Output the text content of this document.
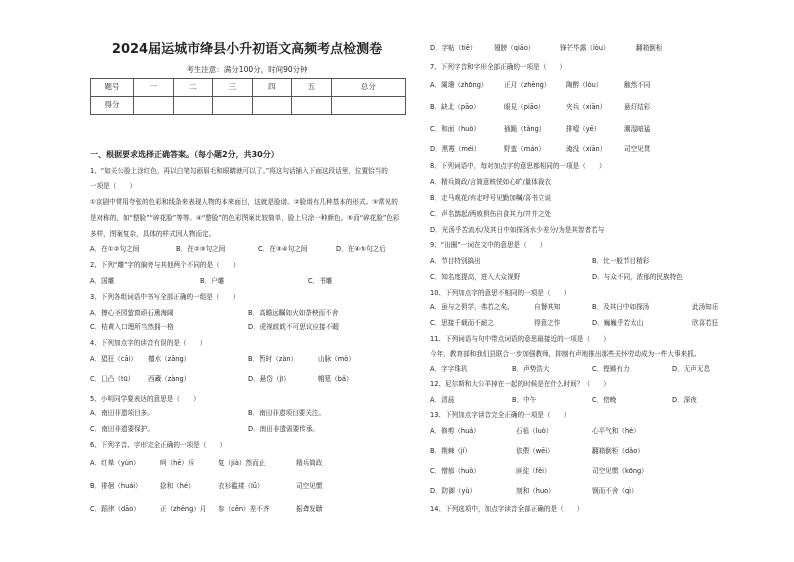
2024届运城市绛县小升初语文高频考点检测卷
考生注意：满分100分，时间90分钟
题号	一	二	三	四	五	总分
得分						
一、根据要求选择正确答案。（每小题2分，共30分）
1、“如关公脸上涂红色，再以白笔勾画眉毛和眼睛就可以了。”将这句话插入下面这段话里，位置恰当的
一项是（　　）
①京剧中常用夸张的色彩和线条来表现人物的本来面目，这就是脸谱。②脸谱有几种基本的形式。③常见的是对称的，如“整脸”“碎花脸”等等。④“整脸”的色彩图案比较简单，脸上只涂一种颜色。⑤而“碎花脸”色彩多样，图案复杂，具体的样式因人物而定。
A．在①②句之间	B．在②③句之间	C．在③④句之间	D．在④⑤句之后
2、下列“雕”字的偏旁与其他两个不同的是（　　）
A．国雕	B．户雕	C．书雕
3、下列各组词语中书写全部正确的一组是（　　）
A．擦心圣园萤窗顽石熏海阔	B．高瞻远瞩如火如荼秧而不舍
C．枯黄入口理所当然拥一格	D．虎视眈眈不可思议应接不暇
4、下列加点字的读音有误的是（　　）
A．猖狂（cāi） 擅水（zāng）	B．暂时（zàn）	山脉（mò）
C．囗凸（tū） 西藏（zàng）	D．悬岱（jī）	帽筵（bǎ）
5、小明同学要表达的意思是（　　）
A．南田非遗项目多。	B．南田非遗项目要关注。
C．南田非遗要保护。	D．南田非遗需要传承。
6、下列字音、字形完全正确的一项是（　　）
A．红晕（yùn）	呵（hē）斥	复（jià）然而止	精兵简政
B．徘徊（huái）	捻和（hé）	衣衫褴褛（lǚ）	司空见惯
C．蹈律（dāo）	正（zhēng）月 参（cēn）差不齐	振聋发聩
D．字帖（tiē）	翅膀（qiāo）	锋芒毕露（lòu）	翻箱倒柜
7、下列字音和字形全部正确的一项是（　　）
A．阑珊（zhōng） 正月（zhēng） 陶醉（lòu）	触然不同
B．缺北（pāo）	眼見（piāo）	夹兵（xiān）	悬灯结彩
C．和面（huò）	插跪（tǎng）	排噎（yē）	潮湿暗猛
D．黑霉（méi）	野蛮（mán）	淹没（xiān）	司空见贯
8、下列词语中，每对加点字的意思都相同的一项是（　　）
A．精兵简政/言简意赅恍如心旷/量体裁衣
B．走马观花/弃走呼号见勤加嘱/喜书立说
C．声名鹊起/两败俱伤自食其力/井井之处
D．光汤乎苦流水/及其日中如探汤水少差分/为是其智者若与
9、“出圈”一词在文中的意思是（　　）
A．节目特别搞出	B．比一般节目精彩
C．知名度提高，进入大众视野	D．与众不同，浓郁的民族特色
10、下列加点字的意思不相同的一项是（　　）
A．虽与之俱学，弗若之矣。	自餐其知	B．及其日中如探汤	此汤知乐
C．思接千载而不耐之	得意之作	D．巍巍乎若太山	欣喜若狂
11、下列词语与句中带点词语的意思最接近的一项是（　　）
今年，教育部和我们县联合一步加强教师，抑制有声地推出那些关怀劳动成为一件大事来抓。
A．字字珠玑	B．声势浩大	C．铿锵有力	D．无声无息
12、尼尔斯和大公羊掉在一起的时候是在什么时间？（　　）
A．清晨	B．中午	C．傍晚	D．深夜
13、下列加点字读音完全正确的一项是（　　）
A．修剪（huá）	石毡（luò）	心平气和（hé）
B．荆棘（jí）	依偎（wēi）	翻箱倒柜（dǎo）
C．憎郁（huò）	匪徒（fěi）	司空见惯（kōng）
D．防御（yù）	刻和（huo）	钢而不舍（qì）
14、下列选项中，加点字读音全部正确的是（　　）
